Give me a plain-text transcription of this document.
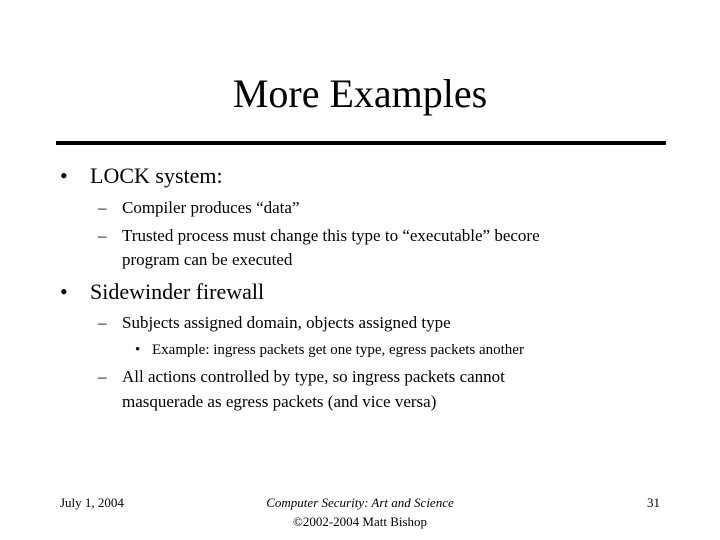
More Examples
• LOCK system:
– Compiler produces “data”
– Trusted process must change this type to “executable” becore
program can be executed
• Sidewinder firewall
– Subjects assigned domain, objects assigned type
• Example: ingress packets get one type, egress packets another
– All actions controlled by type, so ingress packets cannot
masquerade as egress packets (and vice versa)
July 1, 2004	Computer Security: Art and Science
©2002-2004 Matt Bishop
31
